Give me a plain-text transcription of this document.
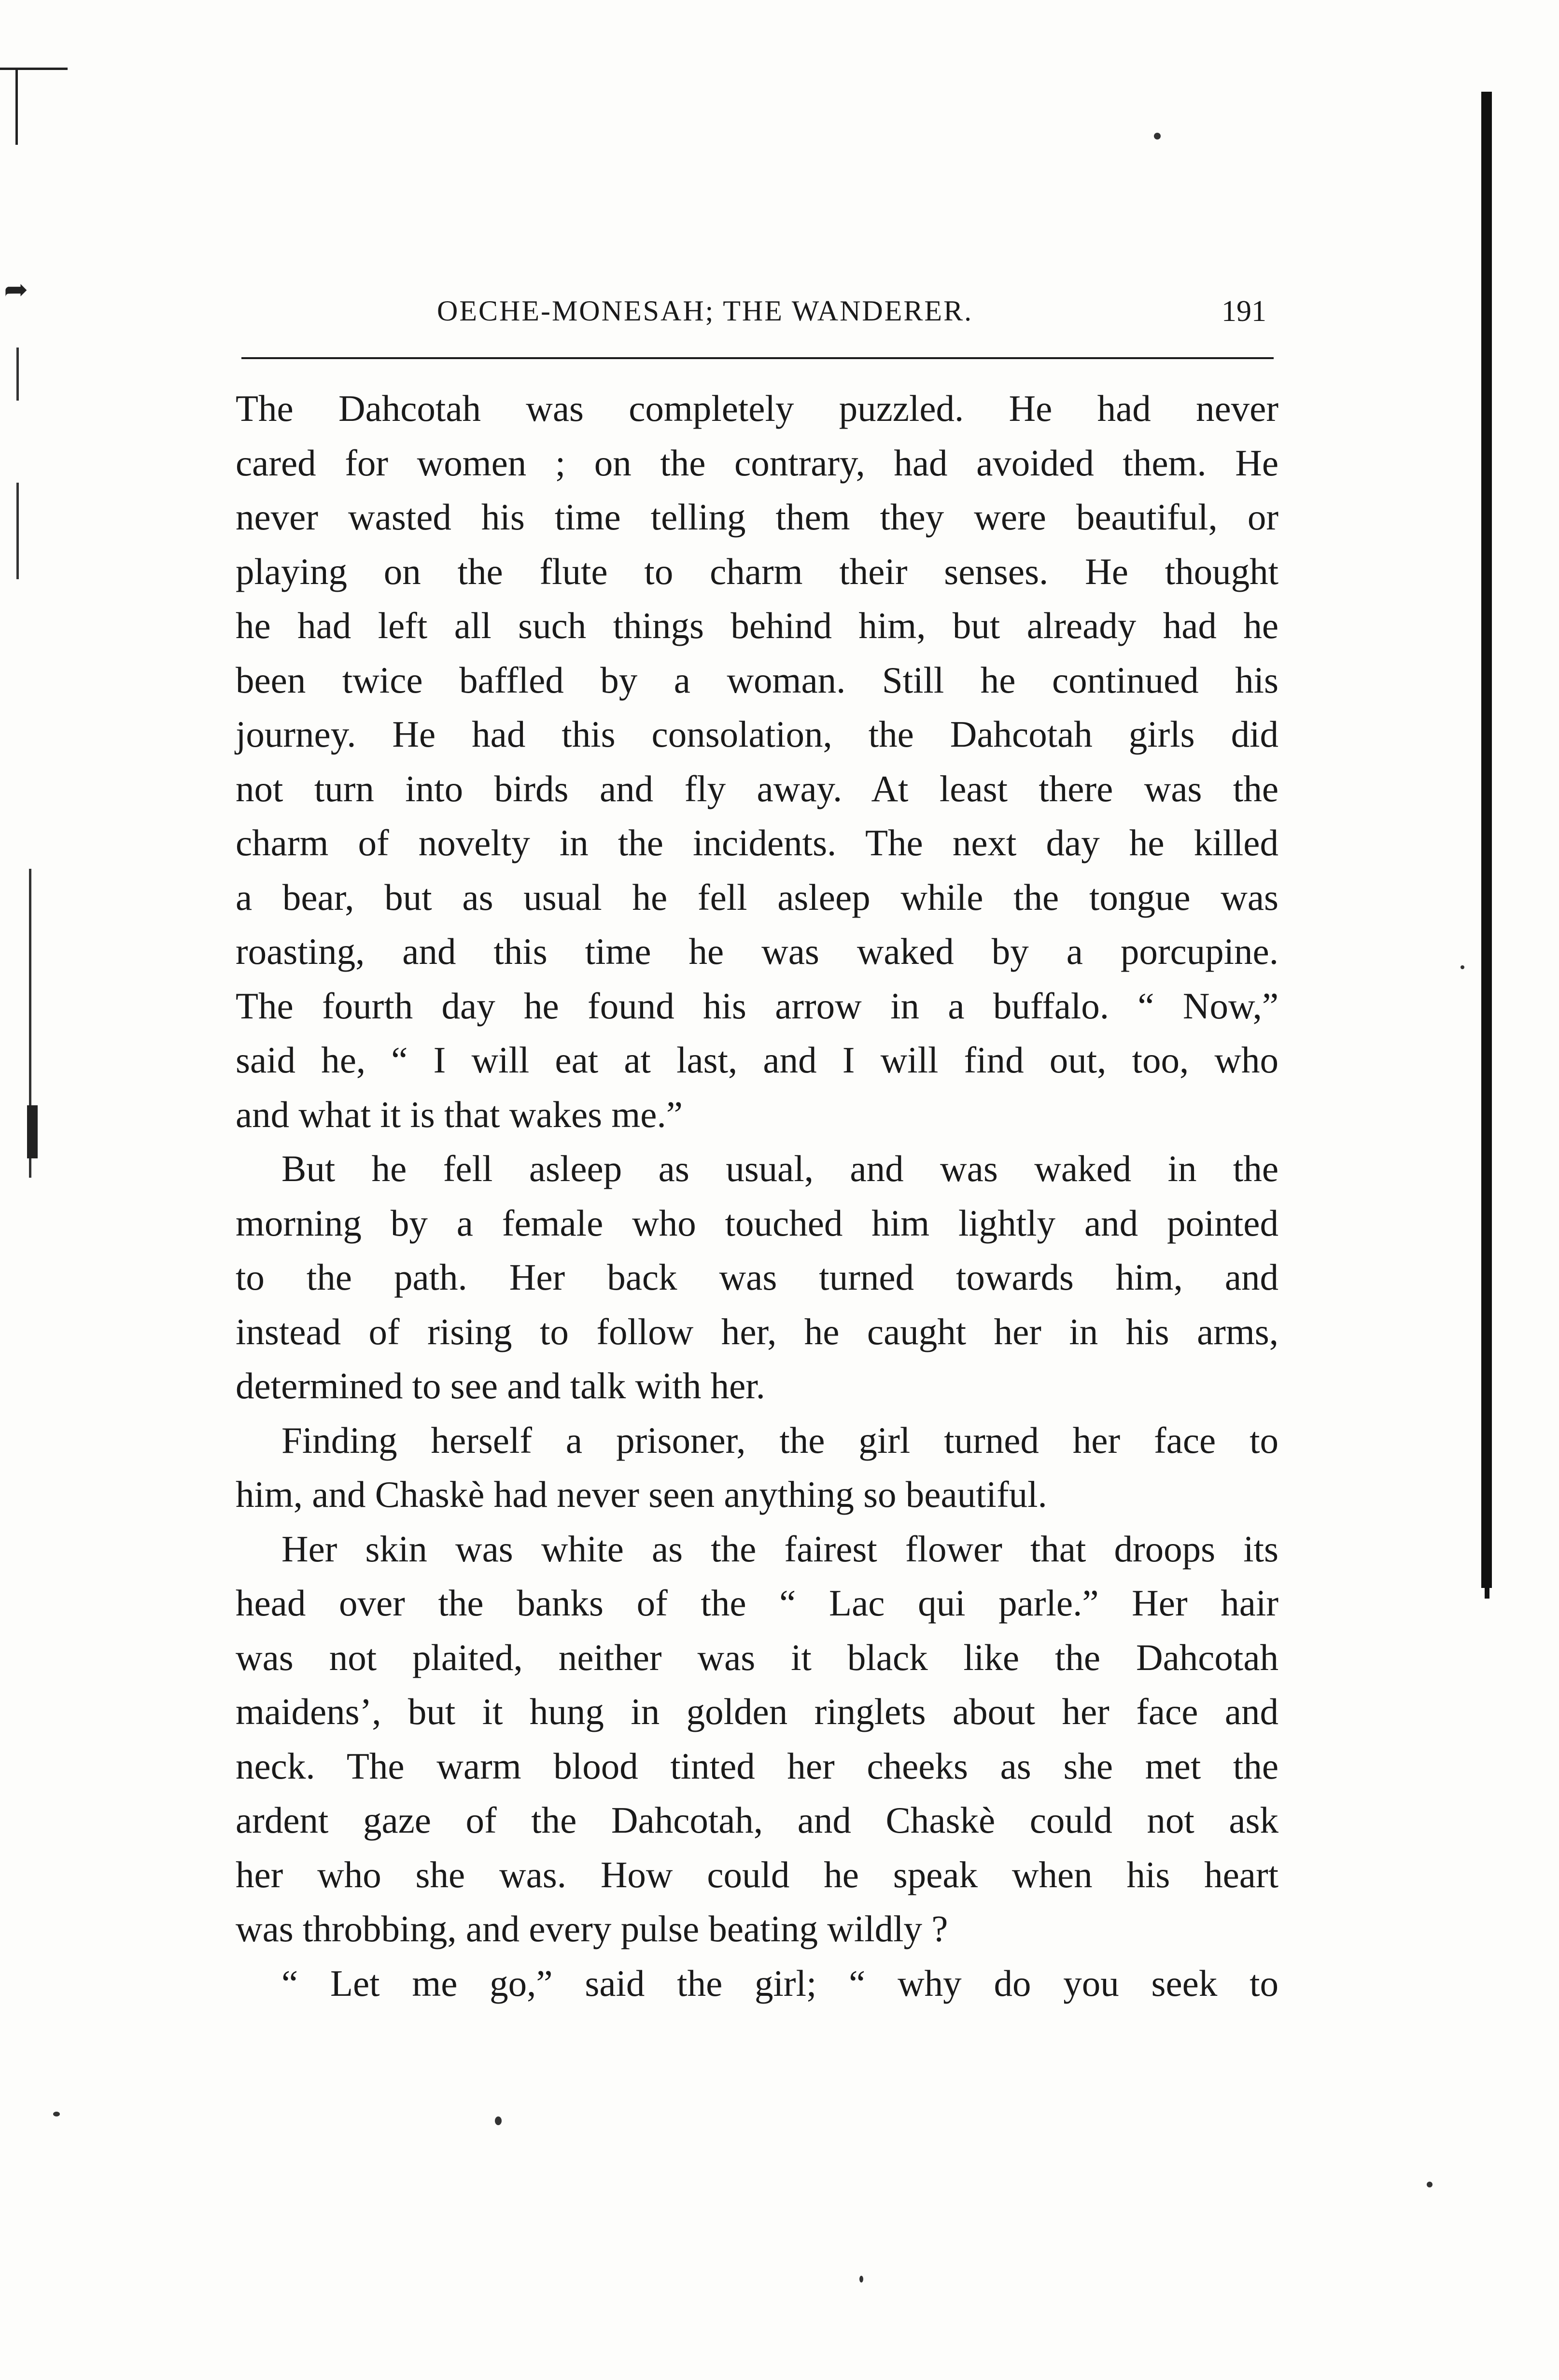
➦
OECHE-MONESAH; THE WANDERER.	191
The Dahcotah was completely puzzled. He had never
cared for women ; on the contrary, had avoided them. He
never wasted his time telling them they were beautiful, or
playing on the flute to charm their senses. He thought
he had left all such things behind him, but already had he
been twice baffled by a woman. Still he continued his
journey. He had this consolation, the Dahcotah girls did
not turn into birds and fly away. At least there was the
charm of novelty in the incidents. The next day he killed
a bear, but as usual he fell asleep while the tongue was
roasting, and this time he was waked by a porcupine.
The fourth day he found his arrow in a buffalo. “ Now,”
said he, “ I will eat at last, and I will find out, too, who
and what it is that wakes me.”
But he fell asleep as usual, and was waked in the
morning by a female who touched him lightly and pointed
to the path. Her back was turned towards him, and
instead of rising to follow her, he caught her in his arms,
determined to see and talk with her.
Finding herself a prisoner, the girl turned her face to
him, and Chaskè had never seen anything so beautiful.
Her skin was white as the fairest flower that droops its
head over the banks of the “ Lac qui parle.” Her hair
was not plaited, neither was it black like the Dahcotah
maidens’, but it hung in golden ringlets about her face and
neck. The warm blood tinted her cheeks as she met the
ardent gaze of the Dahcotah, and Chaskè could not ask
her who she was. How could he speak when his heart
was throbbing, and every pulse beating wildly ?
“ Let me go,” said the girl; “ why do you seek to
